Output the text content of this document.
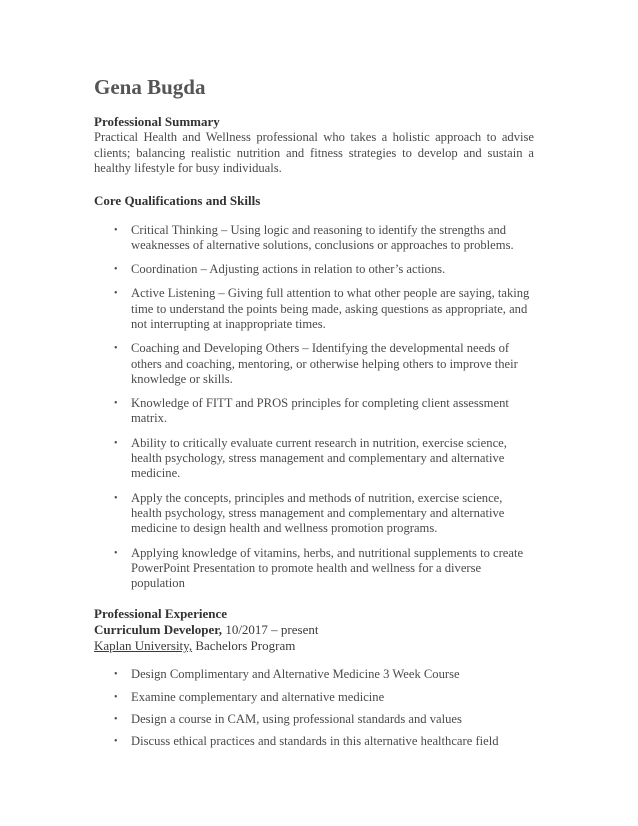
Gena Bugda
Professional Summary

Practical Health and Wellness professional who takes a holistic approach to advise clients; balancing realistic nutrition and fitness strategies to develop and sustain a healthy lifestyle for busy individuals.

Core Qualifications and Skills
• Critical Thinking – Using logic and reasoning to identify the strengths and weaknesses of alternative solutions, conclusions or approaches to problems.
• Coordination – Adjusting actions in relation to other’s actions.
• Active Listening – Giving full attention to what other people are saying, taking time to understand the points being made, asking questions as appropriate, and not interrupting at inappropriate times.
• Coaching and Developing Others – Identifying the developmental needs of others and coaching, mentoring, or otherwise helping others to improve their knowledge or skills.
• Knowledge of FITT and PROS principles for completing client assessment matrix.
• Ability to critically evaluate current research in nutrition, exercise science, health psychology, stress management and complementary and alternative medicine.
• Apply the concepts, principles and methods of nutrition, exercise science, health psychology, stress management and complementary and alternative medicine to design health and wellness promotion programs.
• Applying knowledge of vitamins, herbs, and nutritional supplements to create PowerPoint Presentation to promote health and wellness for a diverse population
Professional Experience

Curriculum Developer, 10/2017 – present

Kaplan University, Bachelors Program

• Design Complimentary and Alternative Medicine 3 Week Course
• Examine complementary and alternative medicine
• Design a course in CAM, using professional standards and values
• Discuss ethical practices and standards in this alternative healthcare field
